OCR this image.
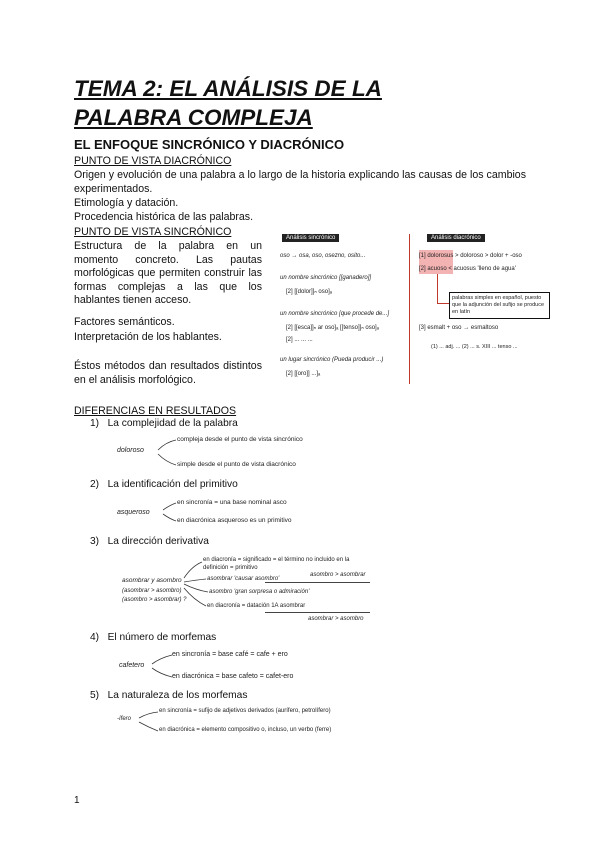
TEMA 2: EL ANÁLISIS DE LA
PALABRA COMPLEJA
EL ENFOQUE SINCRÓNICO Y DIACRÓNICO
PUNTO DE VISTA DIACRÓNICO
Origen y evolución de una palabra a lo largo de la historia explicando las causas de los cambios experimentados.
Etimología y datación.
Procedencia histórica de las palabras.
PUNTO DE VISTA SINCRÓNICO
Estructura de la palabra en un momento concreto. Las pautas morfológicas que permiten construir las formas complejas a las que los hablantes tienen acceso.
Factores semánticos.
Interpretación de los hablantes.
Éstos métodos dan resultados distintos en el análisis morfológico.
Análisis sincrónico
oso → osa, oso, osezno, osito...
un nombre sincrónico [[ganadero]]
[2] [[dolor]]ₙ oso]ₐ
un nombre sincrónico [que procede de...]
[2] [[esca]]ₙ ar oso]ₐ [[tenso]]ₙ oso]ₐ
[2] ... ... ...
un lugar sincrónico (Pueda producir ...)
[2] [[oro]] ...]ₐ
Análisis diacrónico
[1] dolorosus > doloroso > dolor + -oso
[2] acuoso < acuosus 'lleno de agua'
palabras simples en español, puesto que la adjunción del sufijo se produce en latín
[3] esmalt + oso → esmaltoso
(1) ... adj. ... (2) ... s. XIII ... tenso ...
DIFERENCIAS EN RESULTADOS
1) La complejidad de la palabra
doloroso
compleja desde el punto de vista sincrónico
simple desde el punto de vista diacrónico
2) La identificación del primitivo
asqueroso
en sincronía = una base nominal asco
en diacrónica asqueroso es un primitivo
3) La dirección derivativa
asombrar y asombro
(asombrar > asombro)
(asombro > asombrar) ?
en diacronía = significado = el término no incluido en la definición = primitivo
asombrar 'causar asombro'
asombro 'gran sorpresa o admiración'
en diacronía = datación 1A asombrar
asombro > asombrar
asombrar > asombro
4) El número de morfemas
cafetero
en sincronía = base café = cafe + ero
en diacrónica = base cafeto = cafet-ero
5) La naturaleza de los morfemas
-ífero
en sincronía = sufijo de adjetivos derivados (aurífero, petrolífero)
en diacrónica = elemento compositivo o, incluso, un verbo (ferre)
1
